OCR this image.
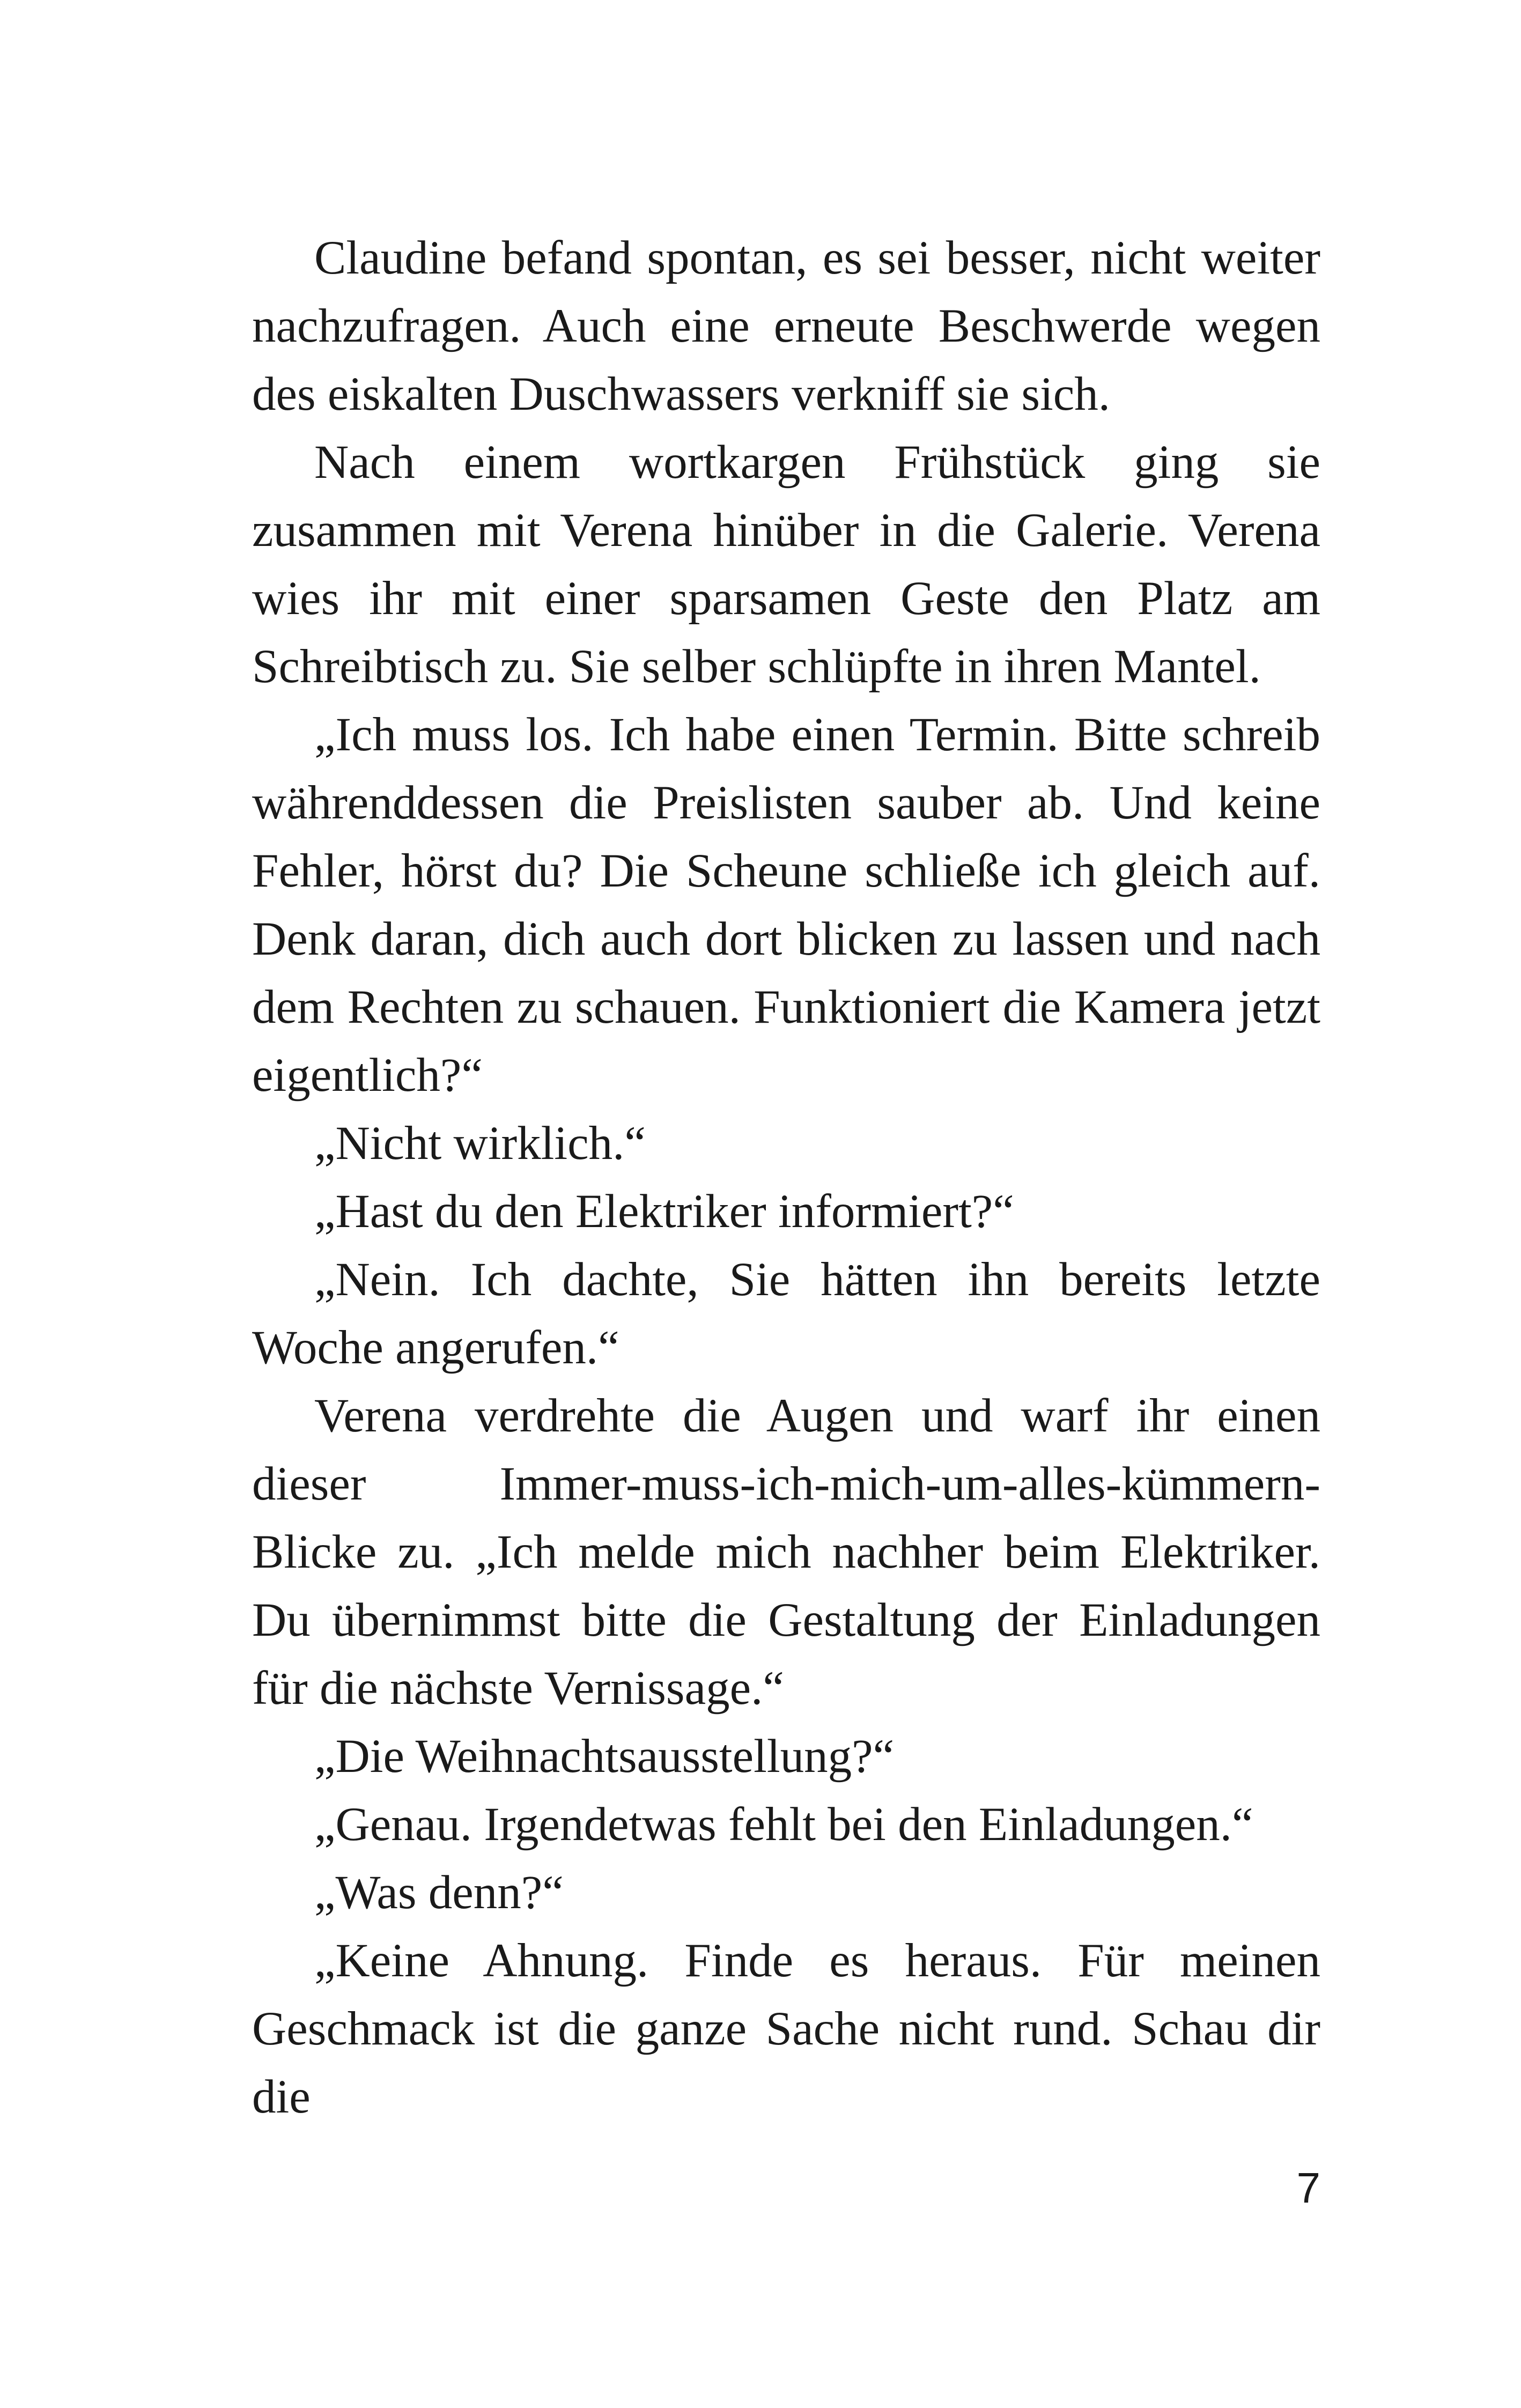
Claudine befand spontan, es sei besser, nicht weiter nachzufragen. Auch eine erneute Beschwerde wegen des eiskalten Duschwassers verkniff sie sich.

Nach einem wortkargen Frühstück ging sie zusammen mit Verena hinüber in die Galerie. Verena wies ihr mit einer sparsamen Geste den Platz am Schreibtisch zu. Sie selber schlüpfte in ihren Mantel.

„Ich muss los. Ich habe einen Termin. Bitte schreib währenddessen die Preislisten sauber ab. Und keine Fehler, hörst du? Die Scheune schließe ich gleich auf. Denk daran, dich auch dort blicken zu lassen und nach dem Rechten zu schauen. Funktioniert die Kamera jetzt eigentlich?“

„Nicht wirklich.“

„Hast du den Elektriker informiert?“

„Nein. Ich dachte, Sie hätten ihn bereits letzte Woche angerufen.“

Verena verdrehte die Augen und warf ihr einen dieser Immer-muss-ich-mich-um-alles-kümmern-Blicke zu. „Ich melde mich nachher beim Elektriker. Du übernimmst bitte die Gestaltung der Einladungen für die nächste Vernissage.“

„Die Weihnachtsausstellung?“

„Genau. Irgendetwas fehlt bei den Einladungen.“

„Was denn?“

„Keine Ahnung. Finde es heraus. Für meinen Geschmack ist die ganze Sache nicht rund. Schau dir die

7
